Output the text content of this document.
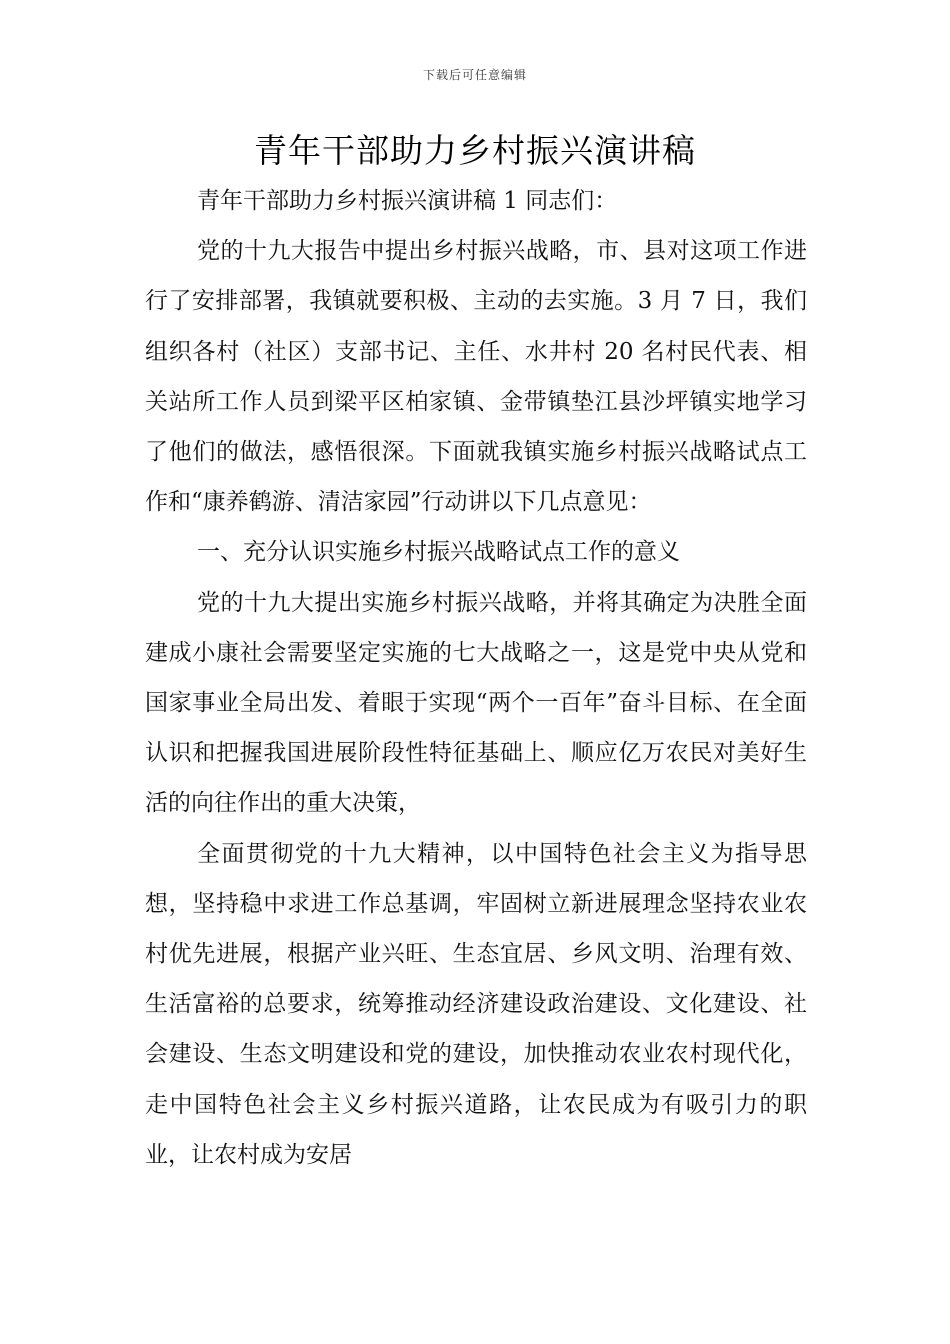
下载后可任意编辑
青年干部助力乡村振兴演讲稿

青年干部助力乡村振兴演讲稿 1 同志们：

党的十九大报告中提出乡村振兴战略，市、县对这项工作进行了安排部署，我镇就要积极、主动的去实施。3 月 7 日，我们组织各村（社区）支部书记、主任、水井村 20 名村民代表、相关站所工作人员到梁平区柏家镇、金带镇垫江县沙坪镇实地学习了他们的做法，感悟很深。下面就我镇实施乡村振兴战略试点工作和“康养鹤游、清洁家园”行动讲以下几点意见：

一、充分认识实施乡村振兴战略试点工作的意义

党的十九大提出实施乡村振兴战略，并将其确定为决胜全面建成小康社会需要坚定实施的七大战略之一，这是党中央从党和国家事业全局出发、着眼于实现“两个一百年”奋斗目标、在全面认识和把握我国进展阶段性特征基础上、顺应亿万农民对美好生活的向往作出的重大决策，

全面贯彻党的十九大精神，以中国特色社会主义为指导思想，坚持稳中求进工作总基调，牢固树立新进展理念坚持农业农村优先进展，根据产业兴旺、生态宜居、乡风文明、治理有效、生活富裕的总要求，统筹推动经济建设政治建设、文化建设、社会建设、生态文明建设和党的建设，加快推动农业农村现代化，走中国特色社会主义乡村振兴道路，让农民成为有吸引力的职业，让农村成为安居
